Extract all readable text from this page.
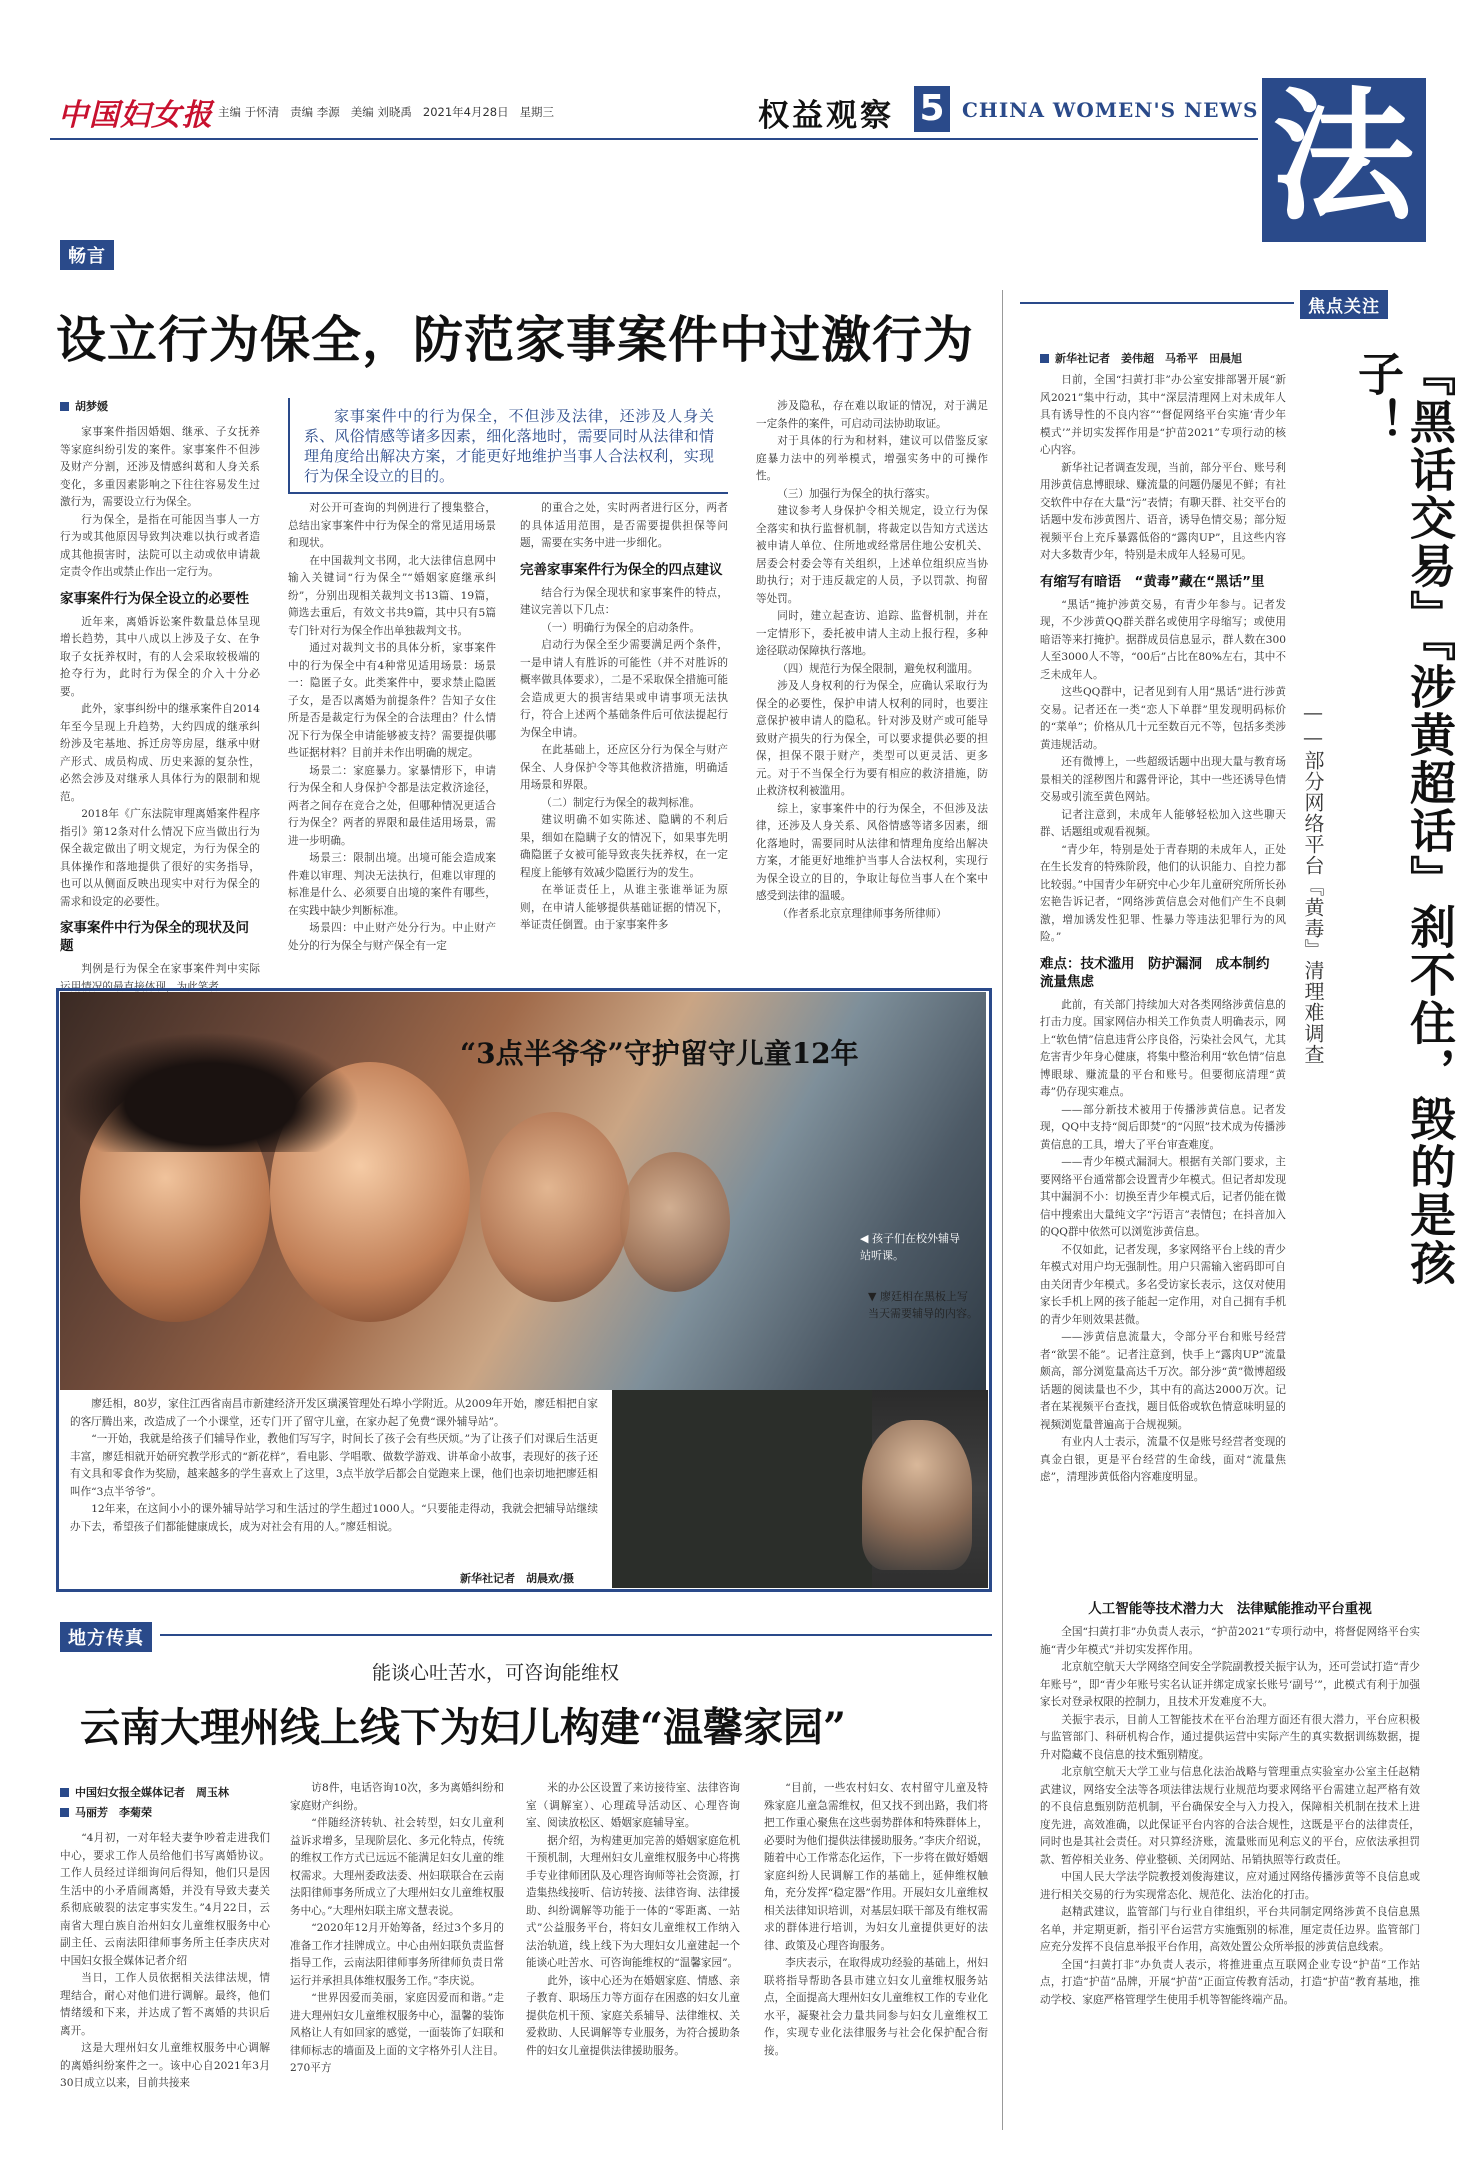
中国妇女报 主编 于怀清 责编 李源 美编 刘晓禹 2021年4月28日 星期三	权益观察 5 CHINA WOMEN'S NEWS 法
畅言
设立行为保全，防范家事案件中过激行为
胡梦媛
家事案件中的行为保全，不但涉及法律，还涉及人身关系、风俗情感等诸多因素，细化落地时，需要同时从法律和情理角度给出解决方案，才能更好地维护当事人合法权利，实现行为保全设立的目的。

家事案件指因婚姻、继承、子女抚养等家庭纠纷引发的案件。家事案件不但涉及财产分割，还涉及情感纠葛和人身关系变化，多重因素影响之下往往容易发生过激行为，需要设立行为保全。

行为保全，是指在可能因当事人一方行为或其他原因导致判决难以执行或者造成其他损害时，法院可以主动或依申请裁定责令作出或禁止作出一定行为。

家事案件行为保全设立的必要性

近年来，离婚诉讼案件数量总体呈现增长趋势，其中八成以上涉及子女、在争取子女抚养权时，有的人会采取较极端的抢夺行为，此时行为保全的介入十分必要。

此外，家事纠纷中的继承案件自2014年至今呈现上升趋势，大约四成的继承纠纷涉及宅基地、拆迁房等房屋，继承中财产形式、成员构成、历史来源的复杂性，必然会涉及对继承人具体行为的限制和规范。

2018年《广东法院审理离婚案件程序指引》第12条对什么情况下应当做出行为保全裁定做出了明文规定，为行为保全的具体操作和落地提供了很好的实务指导，也可以从侧面反映出现实中对行为保全的需求和设定的必要性。

家事案件中行为保全的现状及问题

判例是行为保全在家事案件判中实际运用情况的最直接体现，为此笔者

对公开可查询的判例进行了搜集整合，总结出家事案件中行为保全的常见适用场景和现状。

在中国裁判文书网，北大法律信息网中输入关键词“行为保全”“婚姻家庭继承纠纷”，分别出现相关裁判文书13篇、19篇，筛选去重后，有效文书共9篇，其中只有5篇专门针对行为保全作出单独裁判文书。

通过对裁判文书的具体分析，家事案件中的行为保全中有4种常见适用场景：场景一：隐匿子女。此类案件中，要求禁止隐匿子女，是否以离婚为前提条件？告知子女住所是否是裁定行为保全的合法理由？什么情况下行为保全申请能够被支持？需要提供哪些证据材料？目前并未作出明确的规定。

场景二：家庭暴力。家暴情形下，申请行为保全和人身保护令都是法定救济途径，两者之间存在竞合之处，但哪种情况更适合行为保全？两者的界限和最佳适用场景，需进一步明确。

场景三：限制出境。出境可能会造成案件难以审理、判决无法执行，但难以审理的标准是什么、必须要自出境的案件有哪些，在实践中缺少判断标准。

场景四：中止财产处分行为。中止财产处分的行为保全与财产保全有一定

的重合之处，实时两者进行区分，两者的具体适用范围，是否需要提供担保等问题，需要在实务中进一步细化。

完善家事案件行为保全的四点建议

结合行为保全现状和家事案件的特点，建议完善以下几点：

（一）明确行为保全的启动条件。

启动行为保全至少需要满足两个条件，一是申请人有胜诉的可能性（并不对胜诉的概率做具体要求），二是不采取保全措施可能会造成更大的损害结果或申请事项无法执行，符合上述两个基础条件后可依法提起行为保全申请。

在此基础上，还应区分行为保全与财产保全、人身保护令等其他救济措施，明确适用场景和界限。

（二）制定行为保全的裁判标准。

建议明确不如实陈述、隐瞒的不利后果，细如在隐瞒子女的情况下，如果事先明确隐匿子女被可能导致丧失抚养权，在一定程度上能够有效减少隐匿行为的发生。

在举证责任上，从谁主张谁举证为原则，在申请人能够提供基础证据的情况下，举证责任倒置。由于家事案件多

涉及隐私，存在难以取证的情况，对于满足一定条件的案件，可启动司法协助取证。

对于具体的行为和材料，建议可以借鉴反家庭暴力法中的列举模式，增强实务中的可操作性。

（三）加强行为保全的执行落实。

建议参考人身保护令相关规定，设立行为保全落实和执行监督机制，将裁定以告知方式送达被申请人单位、住所地或经常居住地公安机关、居委会村委会等有关组织，上述单位组织应当协助执行；对于违反裁定的人员，予以罚款、拘留等处罚。

同时，建立起查访、追踪、监督机制，并在一定情形下，委托被申请人主动上报行程，多种途径联动保障执行落地。

（四）规范行为保全限制，避免权利滥用。

涉及人身权利的行为保全，应确认采取行为保全的必要性，保护申请人权利的同时，也要注意保护被申请人的隐私。针对涉及财产或可能导致财产损失的行为保全，可以要求提供必要的担保，担保不限于财产，类型可以更灵活、更多元。对于不当保全行为要有相应的救济措施，防止救济权利被滥用。

综上，家事案件中的行为保全，不但涉及法律，还涉及人身关系、风俗情感等诸多因素，细化落地时，需要同时从法律和情理角度给出解决方案，才能更好地维护当事人合法权利，实现行为保全设立的目的，争取让每位当事人在个案中感受到法律的温暖。

（作者系北京京理律师事务所律师）

“3点半爷爷”守护留守儿童12年
◀ 孩子们在校外辅导站听课。
▼ 廖廷相在黑板上写当天需要辅导的内容。

廖廷相，80岁，家住江西省南昌市新建经济开发区璜溪管理处石埠小学附近。从2009年开始，廖廷相把自家的客厅腾出来，改造成了一个小课堂，还专门开了留守儿童，在家办起了免费“课外辅导站”。

“一开始，我就是给孩子们辅导作业，教他们写写字，时间长了孩子会有些厌烦。”为了让孩子们对课后生活更丰富，廖廷相就开始研究教学形式的“新花样”，看电影、学唱歌、做数学游戏、讲革命小故事，表现好的孩子还有文具和零食作为奖励，越来越多的学生喜欢上了这里，3点半放学后都会自觉跑来上课，他们也亲切地把廖廷相叫作“3点半爷爷”。

12年来，在这间小小的课外辅导站学习和生活过的学生超过1000人。“只要能走得动，我就会把辅导站继续办下去，希望孩子们都能健康成长，成为对社会有用的人。”廖廷相说。

新华社记者　胡晨欢/摄
地方传真
能谈心吐苦水，可咨询能维权
云南大理州线上线下为妇儿构建“温馨家园”
中国妇女报全媒体记者　周玉林
马丽芳　李菊荣

“4月初，一对年轻夫妻争吵着走进我们中心，要求工作人员给他们书写离婚协议。工作人员经过详细询问后得知，他们只是因生活中的小矛盾闹离婚，并没有导致夫妻关系彻底破裂的法定事实发生。”4月22日，云南省大理白族自治州妇女儿童维权服务中心副主任、云南法阳律师事务所主任李庆庆对中国妇女报全媒体记者介绍

当日，工作人员依据相关法律法规，情理结合，耐心对他们进行调解。最终，他们情绪缓和下来，并达成了暂不离婚的共识后离开。

这是大理州妇女儿童维权服务中心调解的离婚纠纷案件之一。该中心自2021年3月30日成立以来，目前共接来

访8件，电话咨询10次，多为离婚纠纷和家庭财产纠纷。

“伴随经济转轨、社会转型，妇女儿童利益诉求增多，呈现阶层化、多元化特点，传统的维权工作方式已远远不能满足妇女儿童的维权需求。大理州委政法委、州妇联联合在云南法阳律师事务所成立了大理州妇女儿童维权服务中心。”大理州妇联主席文慧表说。

“2020年12月开始筹备，经过3个多月的准备工作才挂牌成立。中心由州妇联负责监督指导工作，云南法阳律师事务所律师负责日常运行并承担具体维权服务工作。”李庆说。

“世界因爱而美丽，家庭因爱而和谐。”走进大理州妇女儿童维权服务中心，温馨的装饰风格让人有如回家的感觉，一面装饰了妇联和律师标志的墙面及上面的文字格外引人注目。270平方

米的办公区设置了来访接待室、法律咨询室（调解室）、心理疏导活动区、心理咨询室、阅读放松区、婚姻家庭辅导室。

据介绍，为构建更加完善的婚姻家庭危机干预机制，大理州妇女儿童维权服务中心将携手专业律师团队及心理咨询师等社会资源，打造集热线接听、信访转接、法律咨询、法律援助、纠纷调解等功能于一体的“零距离、一站式”公益服务平台，将妇女儿童维权工作纳入法治轨道，线上线下为大理妇女儿童建起一个能谈心吐苦水、可咨询能维权的“温馨家园”。

此外，该中心还为在婚姻家庭、情感、亲子教育、职场压力等方面存在困惑的妇女儿童提供危机干预、家庭关系辅导、法律维权、关爱救助、人民调解等专业服务，为符合援助条件的妇女儿童提供法律援助服务。

“目前，一些农村妇女、农村留守儿童及特殊家庭儿童急需维权，但又找不到出路，我们将把工作重心聚焦在这些弱势群体和特殊群体上，必要时为他们提供法律援助服务。”李庆介绍说，随着中心工作常态化运作，下一步将在做好婚姻家庭纠纷人民调解工作的基础上，延伸维权触角，充分发挥“稳定器”作用。开展妇女儿童维权相关法律知识培训，对基层妇联干部及有维权需求的群体进行培训，为妇女儿童提供更好的法律、政策及心理咨询服务。

李庆表示，在取得成功经验的基础上，州妇联将指导帮助各县市建立妇女儿童维权服务站点，全面提高大理州妇女儿童维权工作的专业化水平，凝聚社会力量共同参与妇女儿童维权工作，实现专业化法律服务与社会化保护配合衔接。

焦点关注
『黑话交易』『涉黄超话』刹不住，毁的是孩子！
——部分网络平台『黄毒』清理难调查
新华社记者　姜伟超　马希平　田晨旭

日前，全国“扫黄打非”办公室安排部署开展“新风2021”集中行动，其中“深层清理网上对未成年人具有诱导性的不良内容”“督促网络平台实施‘青少年模式’”并切实发挥作用是“护苗2021”专项行动的核心内容。

新华社记者调查发现，当前，部分平台、账号利用涉黄信息博眼球、赚流量的问题仍屡见不鲜；有社交软件中存在大量“污”表情；有聊天群、社交平台的话题中发布涉黄图片、语音，诱导色情交易；部分短视频平台上充斥暴露低俗的“露肉UP”，且这些内容对大多数青少年，特别是未成年人轻易可见。

有缩写有暗语　“黄毒”藏在“黑话”里

“黑话”掩护涉黄交易，有青少年参与。记者发现，不少涉黄QQ群关群名或使用字母缩写；或使用暗语等来打掩护。据群成员信息显示，群人数在300人至3000人不等，“00后”占比在80%左右，其中不乏未成年人。

这些QQ群中，记者见到有人用“黑话”进行涉黄交易。记者还在一类“恋人下单群”里发现明码标价的“菜单”；价格从几十元至数百元不等，包括多类涉黄违规活动。

还有微博上，一些超级话题中出现大量与教育场景相关的淫秽图片和露骨评论，其中一些还诱导色情交易或引流至黄色网站。

记者注意到，未成年人能够轻松加入这些聊天群、话题组或观看视频。

“青少年，特别是处于青春期的未成年人，正处在生长发育的特殊阶段，他们的认识能力、自控力都比较弱。”中国青少年研究中心少年儿童研究所所长孙宏艳告诉记者，“网络涉黄信息会对他们产生不良刺激，增加诱发性犯罪、性暴力等违法犯罪行为的风险。”

难点：技术滥用　防护漏洞　成本制约　流量焦虑

此前，有关部门持续加大对各类网络涉黄信息的打击力度。国家网信办相关工作负责人明确表示，网上“软色情”信息违背公序良俗，污染社会风气，尤其危害青少年身心健康，将集中整治利用“软色情”信息博眼球、赚流量的平台和账号。但要彻底清理“黄毒”仍存现实难点。

——部分新技术被用于传播涉黄信息。记者发现，QQ中支持“阅后即焚”的“闪照”技术成为传播涉黄信息的工具，增大了平台审查难度。

——青少年模式漏洞大。根据有关部门要求，主要网络平台通常都会设置青少年模式。但记者却发现其中漏洞不小：切换至青少年模式后，记者仍能在微信中搜索出大量纯文字“污语言”表情包；在抖音加入的QQ群中依然可以浏览涉黄信息。

不仅如此，记者发现，多家网络平台上线的青少年模式对用户均无强制性。用户只需输入密码即可自由关闭青少年模式。多名受访家长表示，这仅对使用家长手机上网的孩子能起一定作用，对自己拥有手机的青少年则效果甚微。

——涉黄信息流量大，令部分平台和账号经营者“欲罢不能”。记者注意到，快手上“露肉UP”流量颇高，部分浏览量高达千万次。部分涉“黄”微博超级话题的阅读量也不少，其中有的高达2000万次。记者在某视频平台查找，题目低俗或软色情意味明显的视频浏览量普遍高于合规视频。

有业内人士表示，流量不仅是账号经营者变现的真金白银，更是平台经营的生命线，面对“流量焦虑”，清理涉黄低俗内容难度明显。

人工智能等技术潜力大　法律赋能推动平台重视

全国“扫黄打非”办负责人表示，“护苗2021”专项行动中，将督促网络平台实施“青少年模式”并切实发挥作用。

北京航空航天大学网络空间安全学院副教授关振宇认为，还可尝试打造“青少年账号”，即“青少年账号实名认证并绑定成家长账号‘副号’”，此模式有利于加强家长对登录权限的控制力，且技术开发难度不大。

关振宇表示，目前人工智能技术在平台治理方面还有很大潜力，平台应积极与监管部门、科研机构合作，通过提供运营中实际产生的真实数据训练数据，提升对隐藏不良信息的技术甄别精度。

北京航空航天大学工业与信息化法治战略与管理重点实验室办公室主任赵精武建议，网络安全法等各项法律法规行业规范均要求网络平台需建立起严格有效的不良信息甄别防范机制，平台确保安全与入力投入，保障相关机制在技术上进度先进，高效准确，以此保证平台内容的合法合规性，这既是平台的法律责任，同时也是其社会责任。对只算经济账，流量账而见利忘义的平台，应依法承担罚款、暂停相关业务、停业整顿、关闭网站、吊销执照等行政责任。

中国人民大学法学院教授刘俊海建议，应对通过网络传播涉黄等不良信息或进行相关交易的行为实现常态化、规范化、法治化的打击。

赵精武建议，监管部门与行业自律组织，平台共同制定网络涉黄不良信息黑名单，并定期更新，指引平台运营方实施甄别的标准，厘定责任边界。监管部门应充分发挥不良信息举报平台作用，高效处置公众所举报的涉黄信息线索。

全国“扫黄打非”办负责人表示，将推进重点互联网企业专设“护苗”工作站点，打造“护苗”品牌，开展“护苗”正面宣传教育活动，打造“护苗”教育基地，推动学校、家庭严格管理学生使用手机等智能终端产品。
